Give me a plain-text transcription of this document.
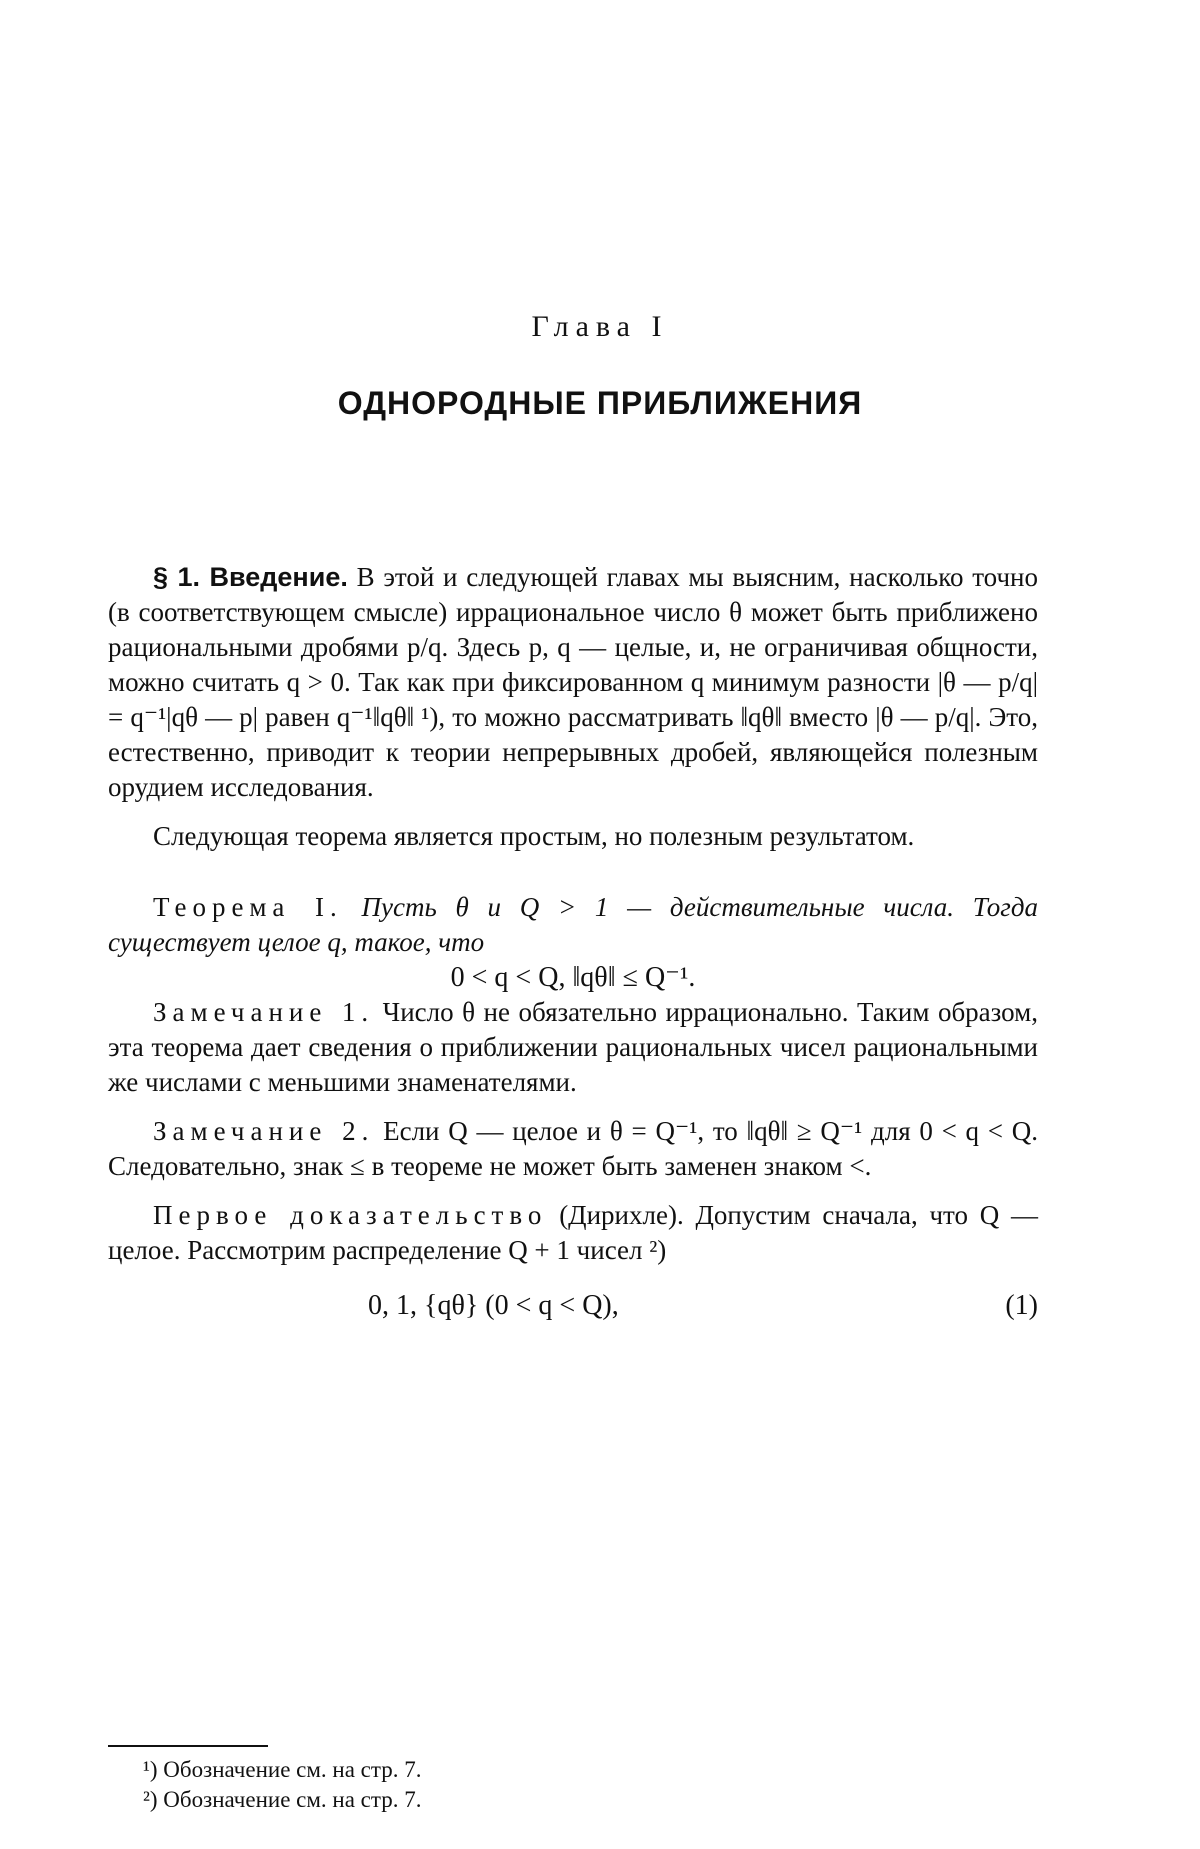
Глава I
ОДНОРОДНЫЕ ПРИБЛИЖЕНИЯ

§ 1. Введение. В этой и следующей главах мы выясним, насколько точно (в соответствующем смысле) иррациональное число θ может быть приближено рациональными дробями p/q. Здесь p, q — целые, и, не ограничивая общности, можно считать q > 0. Так как при фиксированном q минимум разности |θ — p/q| = q⁻¹|qθ — p| равен q⁻¹‖qθ‖ ¹), то можно рассматривать ‖qθ‖ вместо |θ — p/q|. Это, естественно, приводит к теории непрерывных дробей, являющейся полезным орудием исследования.

Следующая теорема является простым, но полезным результатом.

Теорема I. Пусть θ и Q > 1 — действительные числа. Тогда существует целое q, такое, что

0 < q < Q, ‖qθ‖ ≤ Q⁻¹.

Замечание 1. Число θ не обязательно иррационально. Таким образом, эта теорема дает сведения о приближении рациональных чисел рациональными же числами с меньшими знаменателями.

Замечание 2. Если Q — целое и θ = Q⁻¹, то ‖qθ‖ ≥ Q⁻¹ для 0 < q < Q. Следовательно, знак ≤ в теореме не может быть заменен знаком <.

Первое доказательство (Дирихле). Допустим сначала, что Q — целое. Рассмотрим распределение Q + 1 чисел ²)

0, 1, {qθ} (0 < q < Q),	(1)
¹) Обозначение см. на стр. 7.
²) Обозначение см. на стр. 7.
